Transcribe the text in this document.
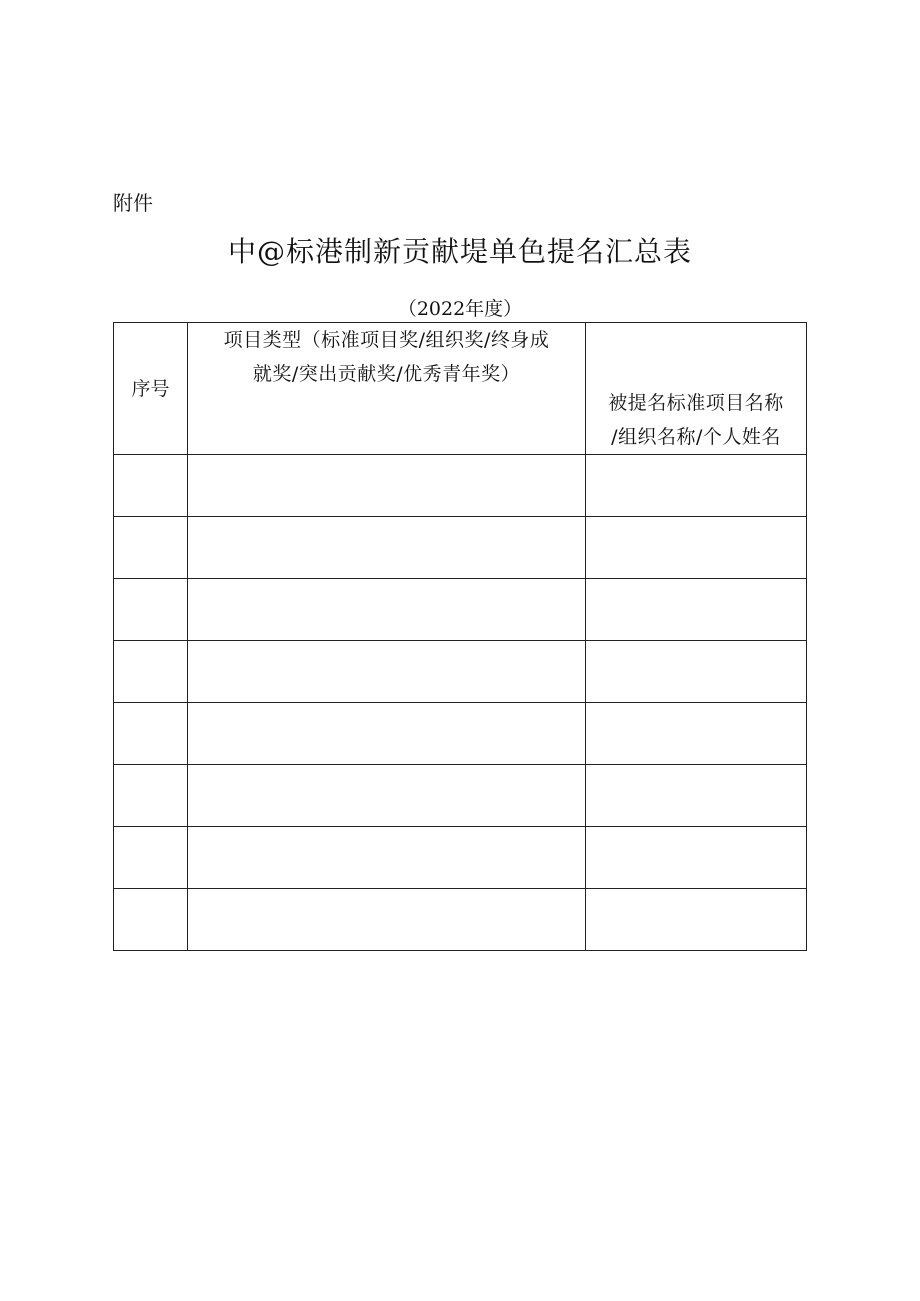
附件
中@标港制新贡献堤单色提名汇总表
（2022年度）
序号	项目类型（标准项目奖/组织奖/终身成
就奖/突出贡献奖/优秀青年奖）	被提名标准项目名称
/组织名称/个人姓名
